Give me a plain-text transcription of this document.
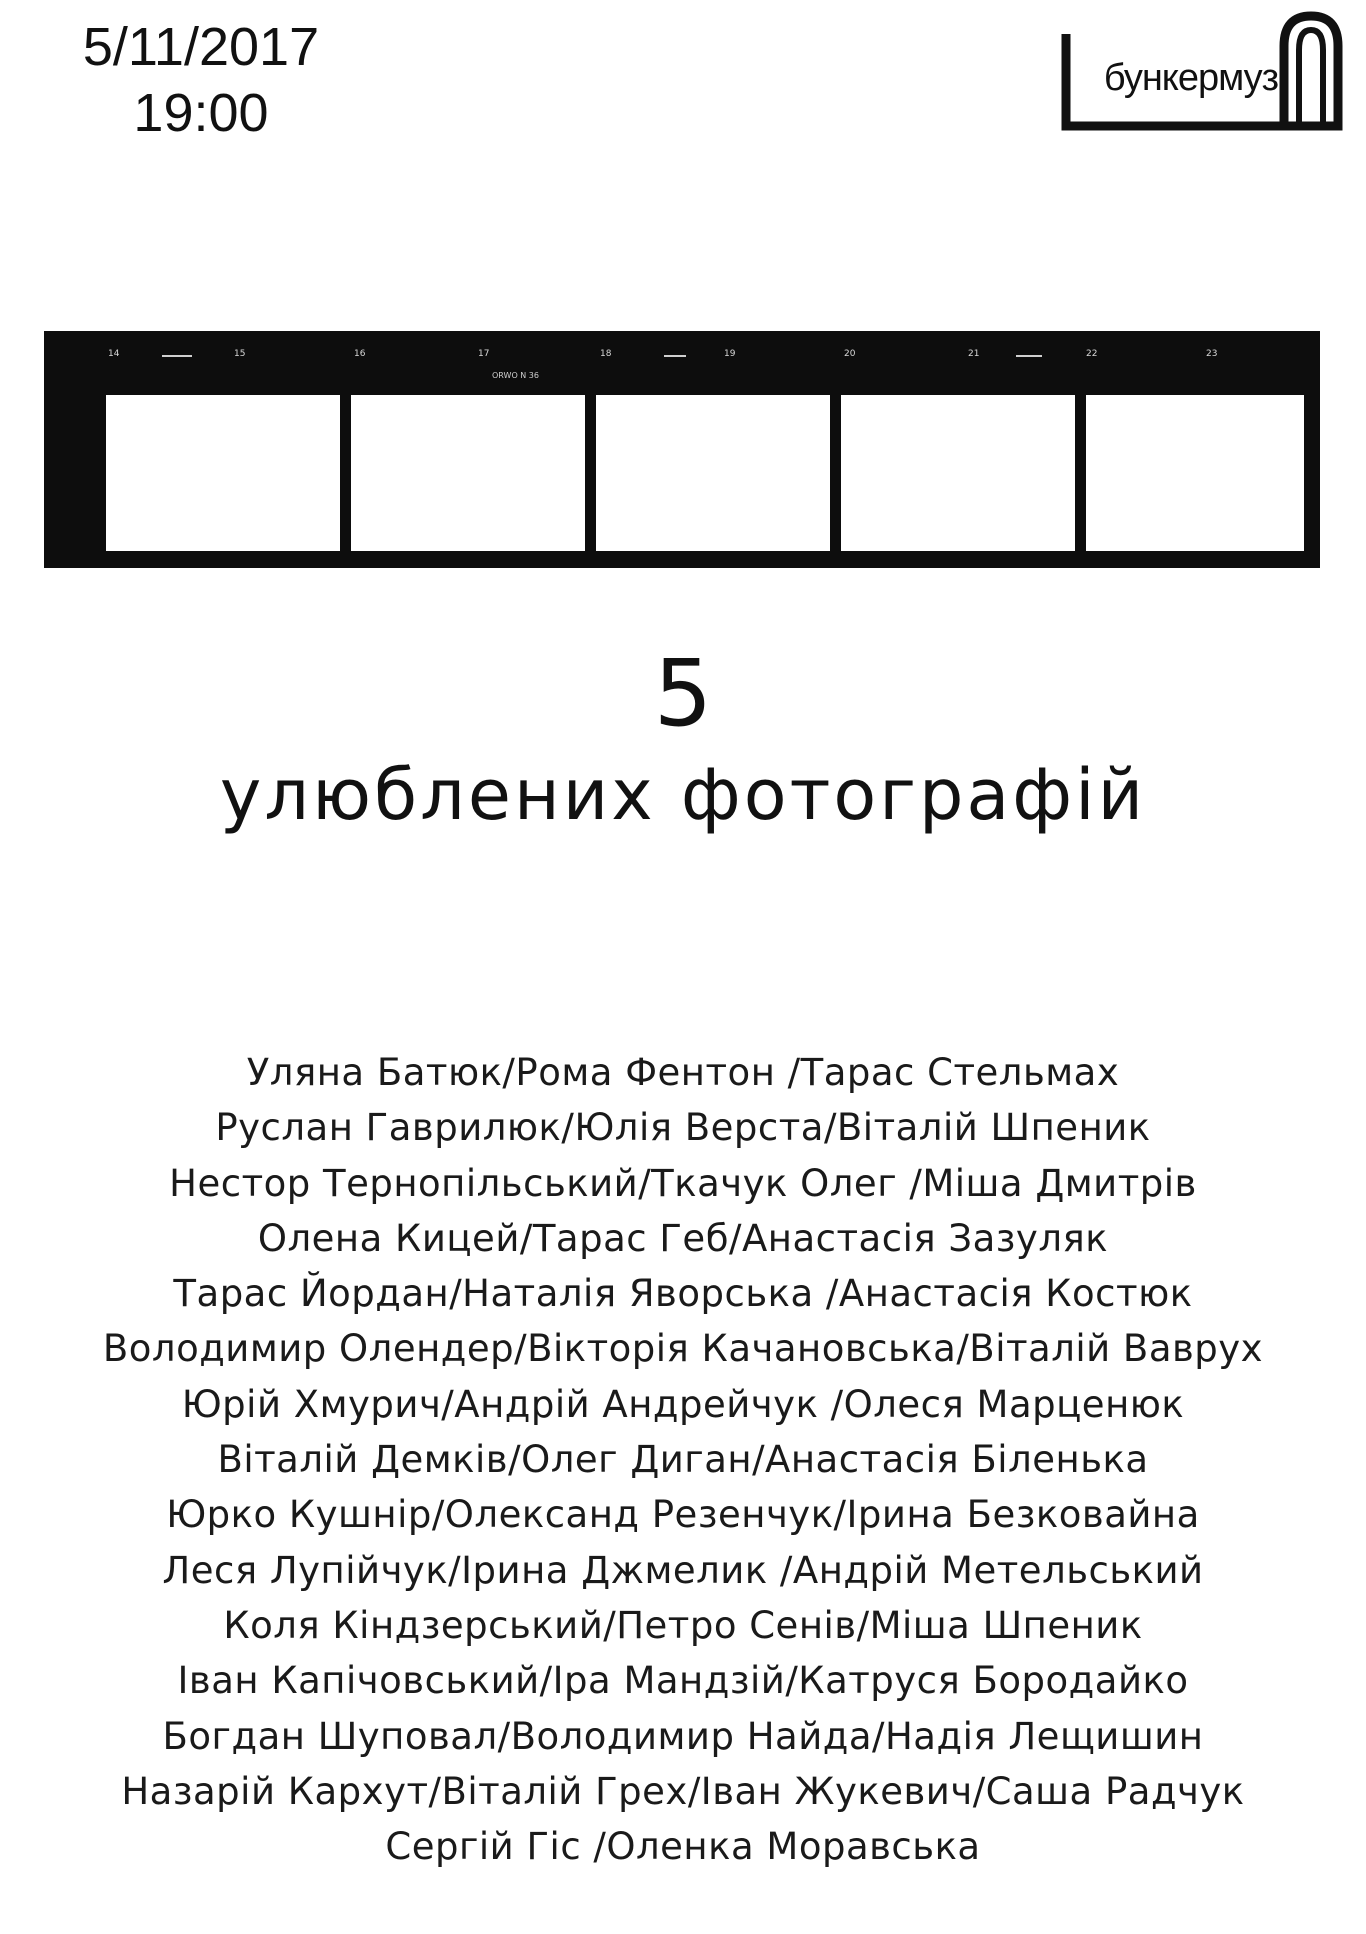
5/11/2017
19:00
бункермуз
14	15	16	17
ORWO N 36
18	19	20	21	22	23
5
улюблених фотографій
Уляна Батюк/Рома Фентон /Тарас Стельмах
Руслан Гаврилюк/Юлія Верста/Віталій Шпеник
Нестор Тернопільський/Ткачук Олег /Міша Дмитрів
Олена Кицей/Тарас Геб/Анастасія Зазуляк
Тарас Йордан/Наталія Яворська /Анастасія Костюк
Володимир Олендер/Вікторія Качановська/Віталій Ваврух
Юрій Хмурич/Андрій Андрейчук /Олеся Марценюк
Віталій Демків/Олег Диган/Анастасія Біленька
Юрко Кушнір/Олександ Резенчук/Ірина Безковайна
Леся Лупійчук/Ірина Джмелик /Андрій Метельський
Коля Кіндзерський/Петро Сенів/Міша Шпеник
Іван Капічовський/Іра Мандзій/Катруся Бородайко
Богдан Шуповал/Володимир Найда/Надія Лещишин
Назарій Кархут/Віталій Грех/Іван Жукевич/Саша Радчук
Сергій Гіс /Оленка Моравська
